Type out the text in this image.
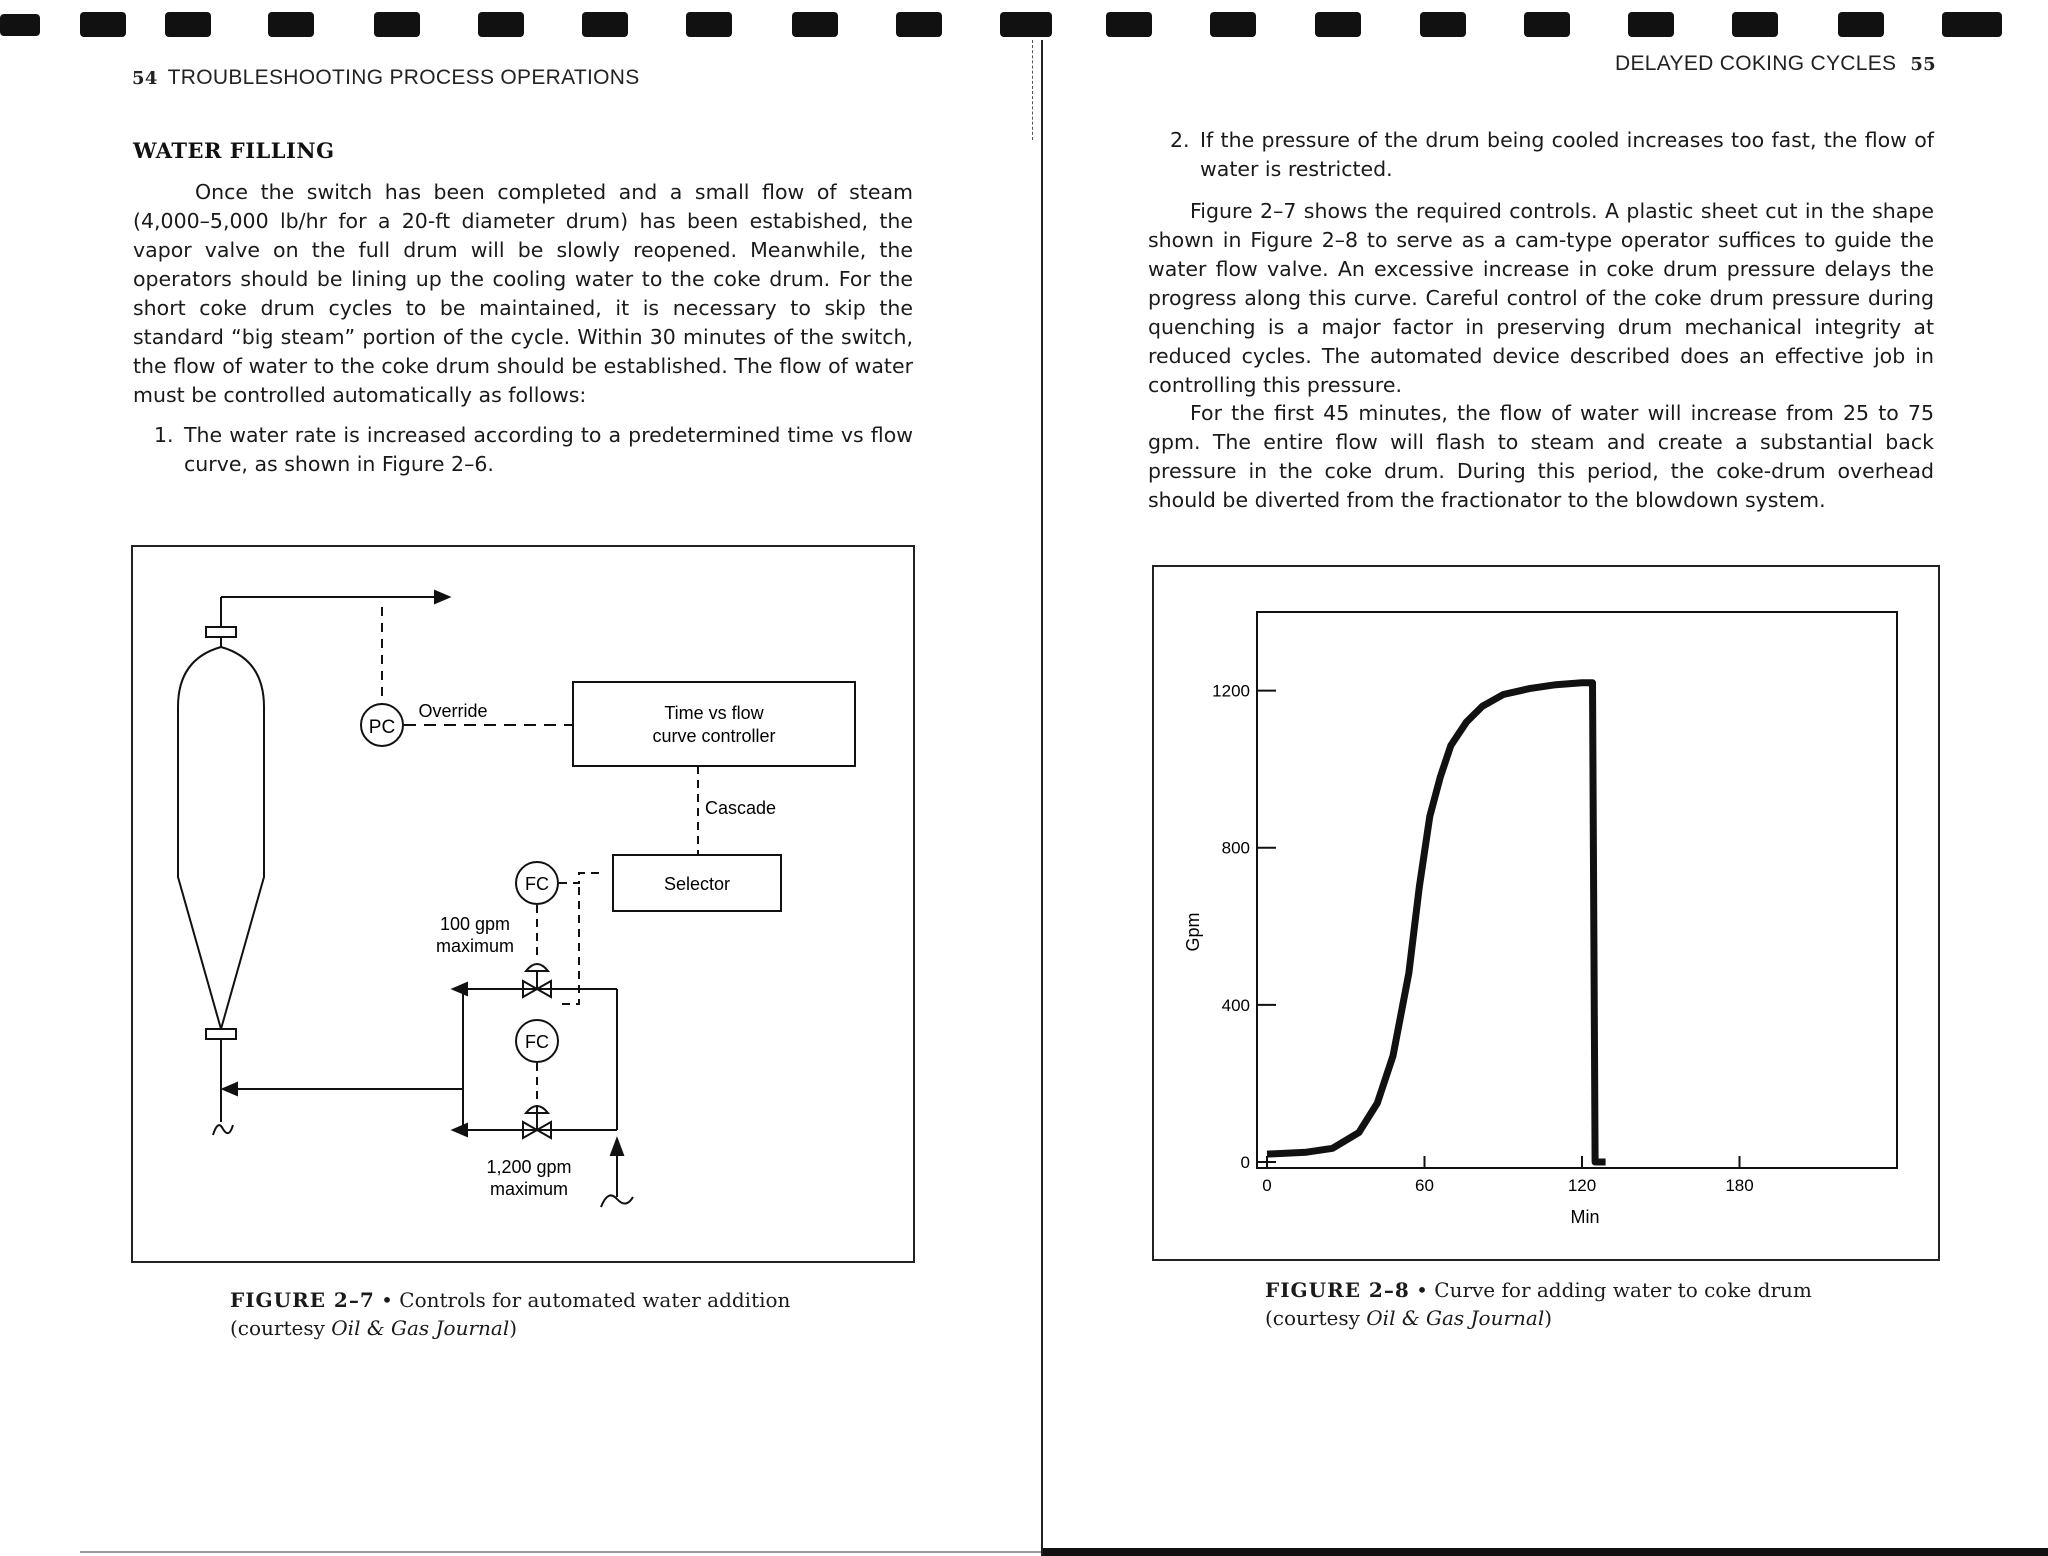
54 TROUBLESHOOTING PROCESS OPERATIONS
WATER FILLING

Once the switch has been completed and a small flow of steam (4,000–5,000 lb/hr for a 20-ft diameter drum) has been estabished, the vapor valve on the full drum will be slowly reopened. Meanwhile, the operators should be lining up the cooling water to the coke drum. For the short coke drum cycles to be maintained, it is necessary to skip the standard “big steam” portion of the cycle. Within 30 minutes of the switch, the flow of water to the coke drum should be established. The flow of water must be controlled automatically as follows:

1. The water rate is increased according to a predetermined time vs flow curve, as shown in Figure 2–6.
PC
Override	Time vs flow
curve controller
Cascade
Selector
FC
FC
100 gpm
maximum
1,200 gpm
maximum
FIGURE 2–7 • Controls for automated water addition
(courtesy Oil & Gas Journal)
DELAYED COKING CYCLES 55
2. If the pressure of the drum being cooled increases too fast, the flow of water is restricted.

Figure 2–7 shows the required controls. A plastic sheet cut in the shape shown in Figure 2–8 to serve as a cam-type operator suffices to guide the water flow valve. An excessive increase in coke drum pressure delays the progress along this curve. Careful control of the coke drum pressure during quenching is a major factor in preserving drum mechanical integrity at reduced cycles. The automated device described does an effective job in controlling this pressure.

For the first 45 minutes, the flow of water will increase from 25 to 75 gpm. The entire flow will flash to steam and create a substantial back pressure in the coke drum. During this period, the coke-drum overhead should be diverted from the fractionator to the blowdown system.

0	60	120	180
0
400
800
1200
Gpm
Min
FIGURE 2–8 • Curve for adding water to coke drum (courtesy Oil & Gas Journal)
